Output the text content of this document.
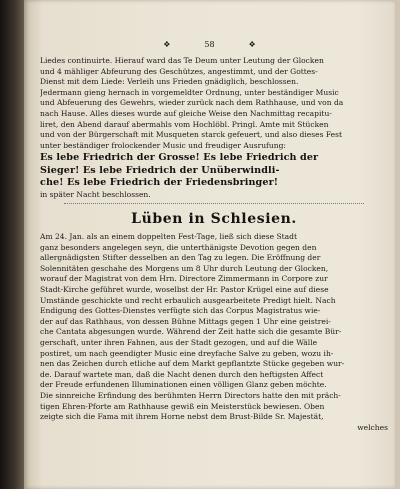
❖	58	❖

Liedes continuirte. Hierauf ward das Te Deum unter Leutung der Glocken
und 4 mähliger Abfeurung des Geschützes, angestimmt, und der Gottes-
Dienst mit dem Liede: Verleih uns Frieden gnädiglich, beschlossen.
Jedermann gieng hernach in vorgemeldter Ordnung, unter beständiger Music
und Abfeuerung des Gewehrs, wieder zurück nach dem Rathhause, und von da
nach Hause. Alles dieses wurde auf gleiche Weise den Nachmittag recapitu-
liret, den Abend darauf abermahls vom Hochlöbl. Pringl. Amte mit Stücken
und von der Bürgerschaft mit Musqueten starck gefeuert, und also dieses Fest
unter beständiger frolockender Music und freudiger Ausrufung:

Es lebe Friedrich der Grosse! Es lebe Friedrich der
Sieger! Es lebe Friedrich der Unüberwindli-
che! Es lebe Friedrich der Friedensbringer!

in später Nacht beschlossen.

Lüben in Schlesien.

Am 24. Jan. als an einem doppelten Fest-Tage, ließ sich diese Stadt
ganz besonders angelegen seyn, die unterthänigste Devotion gegen den
allergnädigsten Stifter desselben an den Tag zu legen. Die Eröffnung der
Solennitäten geschahe des Morgens um 8 Uhr durch Leutung der Glocken,
worauf der Magistrat von dem Hrn. Directore Zimmermann in Corpore zur
Stadt-Kirche geführet wurde, woselbst der Hr. Pastor Krügel eine auf diese
Umstände geschickte und recht erbaulich ausgearbeitete Predigt hielt. Nach
Endigung des Gottes-Dienstes verfügte sich das Corpus Magistratus wie-
der auf das Rathhaus, von dessen Bühne Mittags gegen 1 Uhr eine geistrei-
che Cantata abgesungen wurde. Während der Zeit hatte sich die gesamte Bür-
gerschaft, unter ihren Fahnen, aus der Stadt gezogen, und auf die Wälle
postiret, um nach geendigter Music eine dreyfache Salve zu geben, wozu ih-
nen das Zeichen durch etliche auf dem Markt gepflantzte Stücke gegeben wur-
de. Darauf wartete man, daß die Nacht denen durch den heftigsten Affect
der Freude erfundenen Illuminationen einen völligen Glanz geben möchte.
Die sinnreiche Erfindung des berühmten Herrn Directors hatte den mit präch-
tigen Ehren-Pforte am Rathhause gewiß ein Meisterstück bewiesen. Oben
zeigte sich die Fama mit ihrem Horne nebst dem Brust-Bilde Sr. Majestät,
welches
